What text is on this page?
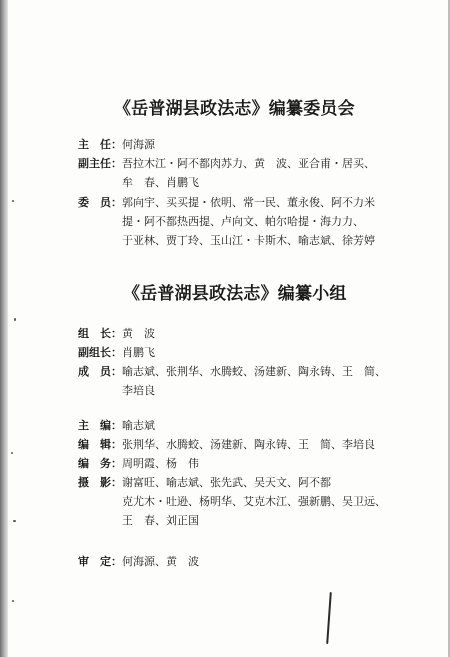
《岳普湖县政法志》编纂委员会
主　任：何海源
副主任：吾拉木江・阿不都肉苏力、黄　波、亚合甫・居买、
牟　春、肖鹏飞
委　员：郭向宇、买买提・依明、常一民、董永俊、阿不力米
提・阿不都热西提、卢向文、帕尔哈提・海力力、
于亚林、贾丁玲、玉山江・卡斯木、喻志斌、徐芳婷
《岳普湖县政法志》编纂小组
组　长：黄　波
副组长：肖鹏飞
成　员：喻志斌、张荆华、水腾蛟、汤建新、陶永铸、王　简、
李培良
主　编：喻志斌
编　辑：张荆华、水腾蛟、汤建新、陶永铸、王　简、李培良
编　务：周明霞、杨　伟
摄　影：谢富旺、喻志斌、张先武、吴天文、阿不都
克尤木・吐逊、杨明华、艾克木江、强新鹏、吴卫远、
王　春、刘正国
审　定：何海源、黄　波
